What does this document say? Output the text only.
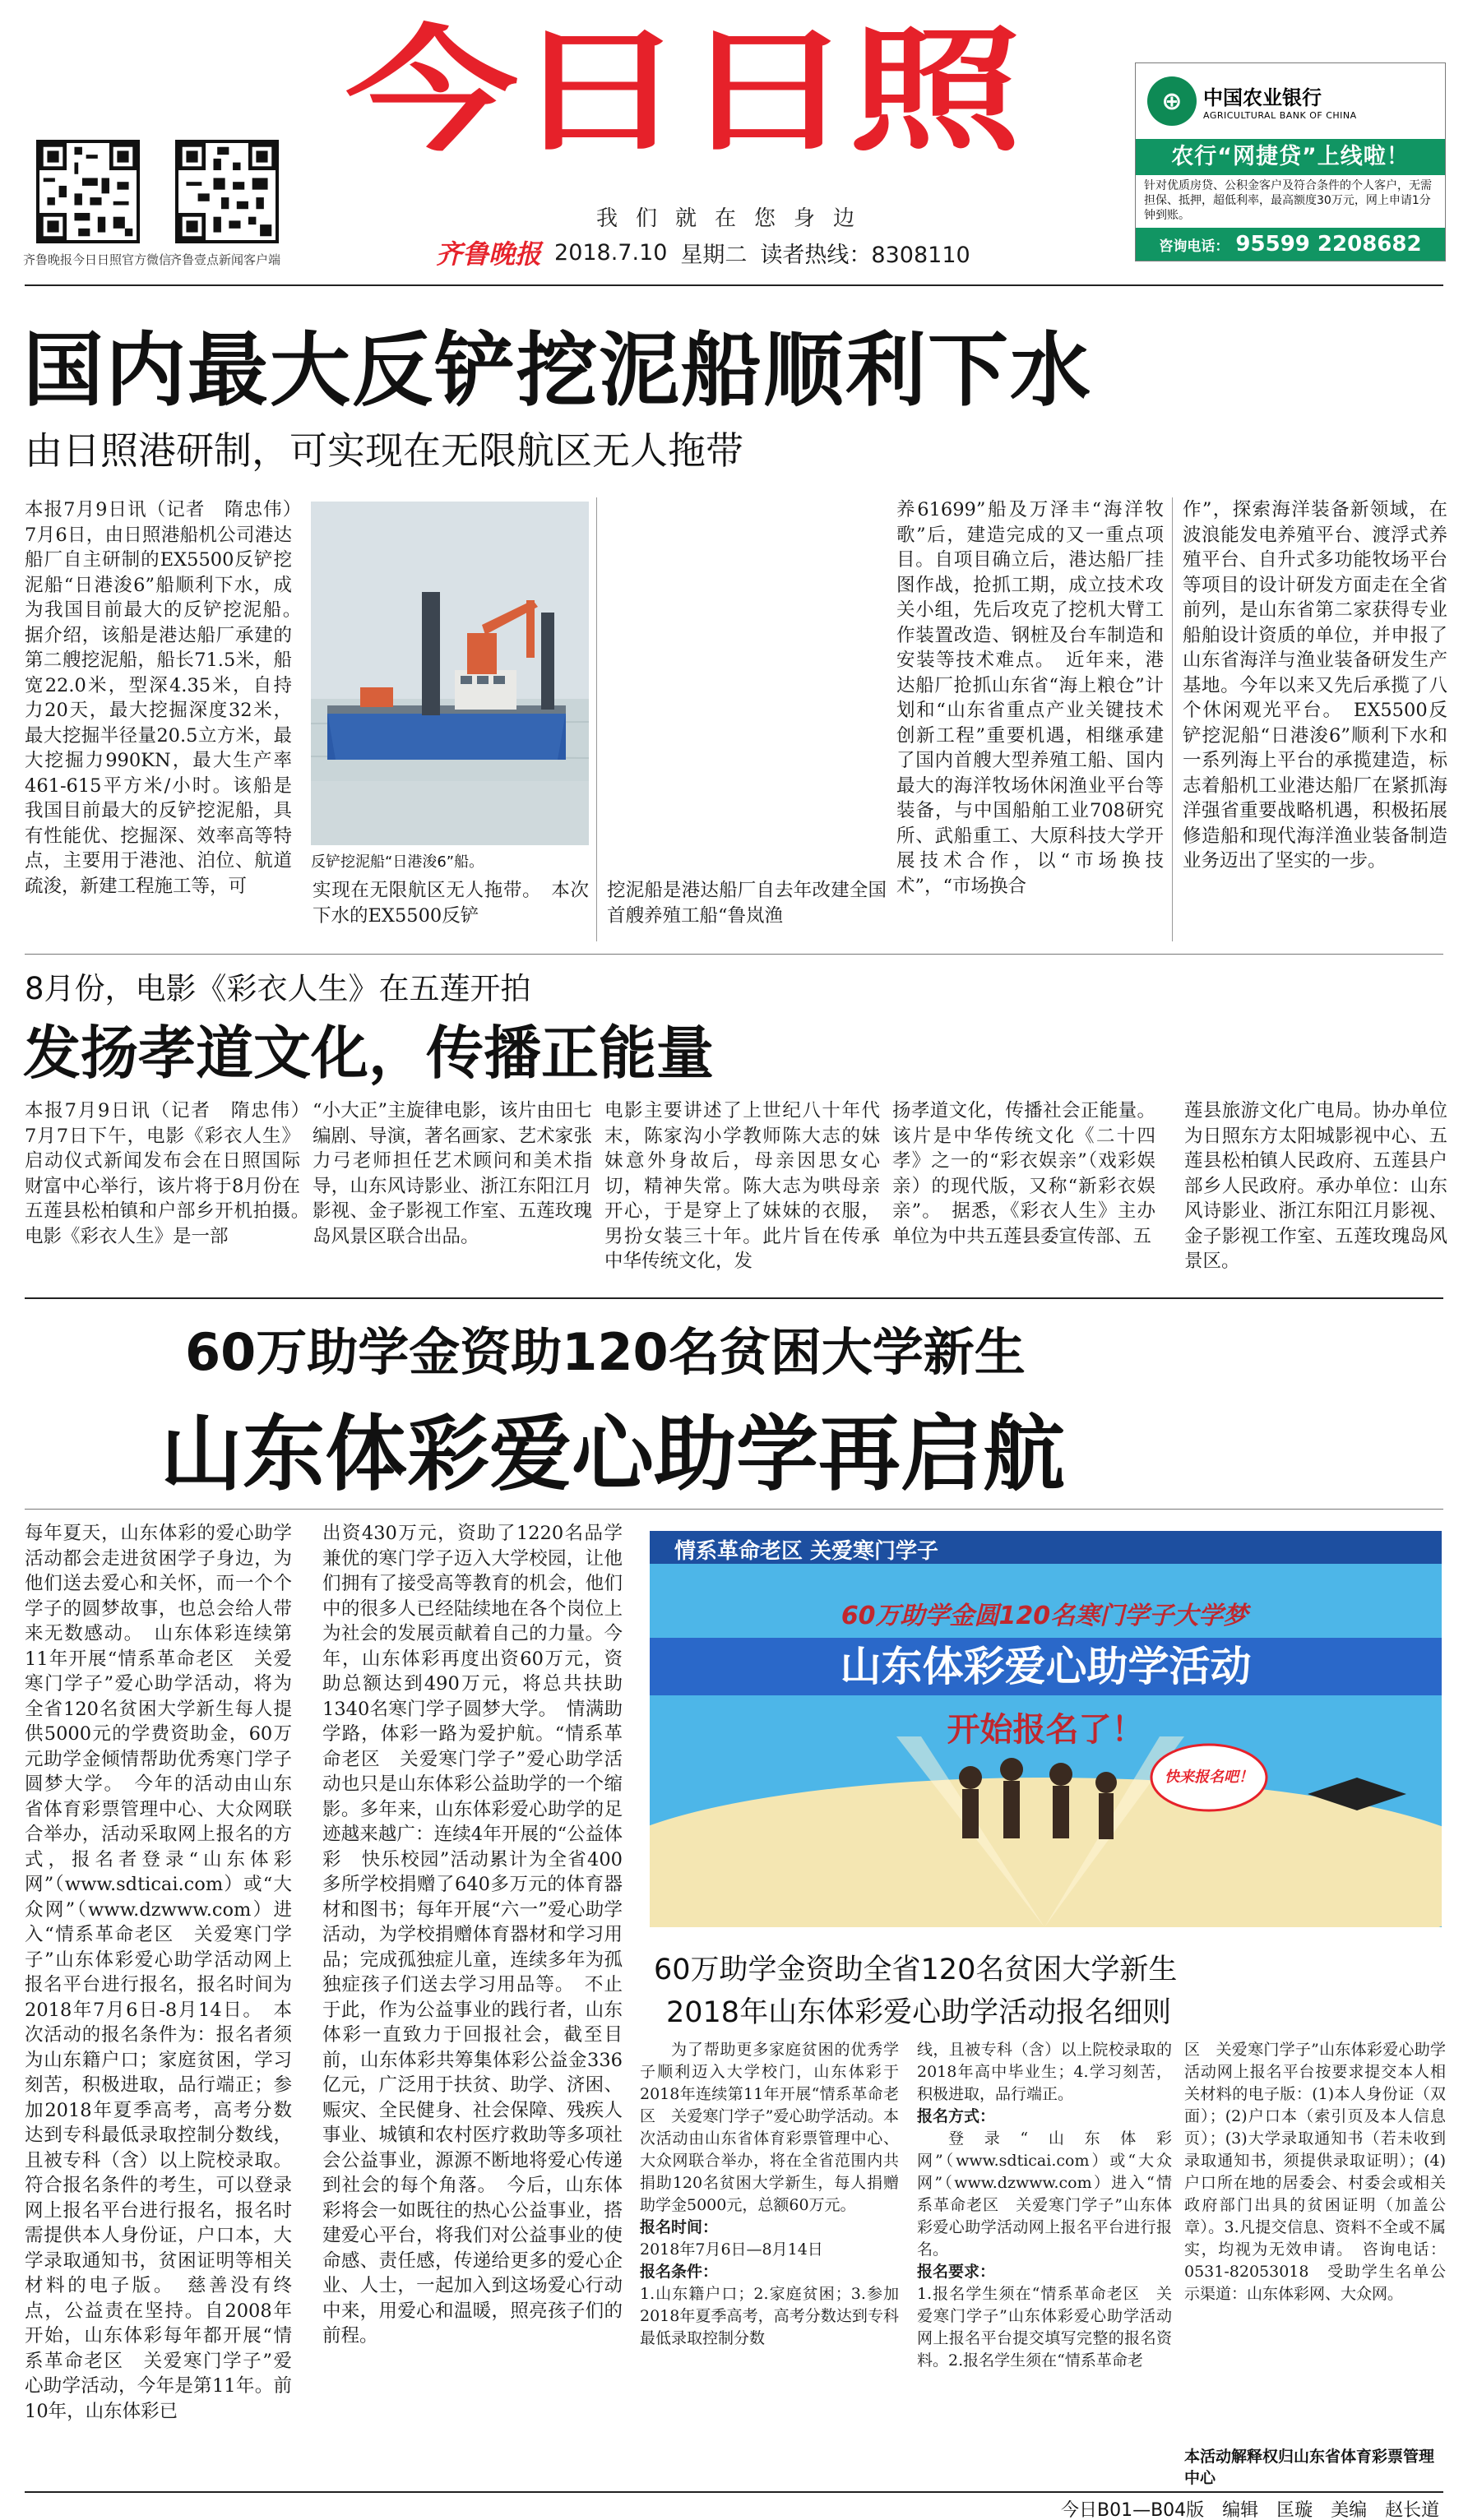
齐鲁晚报今日日照官方微信
齐鲁壹点新闻客户端
今日日照
我们就在您身边
齐鲁晚报 2018.7.10 星期二 读者热线：8308110
⊕	中国农业银行
AGRICULTURAL BANK OF CHINA
农行“网捷贷”上线啦！
针对优质房贷、公积金客户及符合条件的个人客户，无需担保、抵押，超低利率，最高额度30万元，网上申请1分钟到账。
咨询电话： 95599 2208682
国内最大反铲挖泥船顺利下水
由日照港研制，可实现在无限航区无人拖带

本报7月9日讯（记者　隋忠伟）　7月6日，由日照港船机公司港达船厂自主研制的EX5500反铲挖泥船“日港浚6”船顺利下水，成为我国目前最大的反铲挖泥船。　据介绍，该船是港达船厂承建的第二艘挖泥船，船长71.5米，船宽22.0米，型深4.35米，自持力20天，最大挖掘深度32米，最大挖掘半径量20.5立方米，最大挖掘力990KN，最大生产率461-615平方米/小时。该船是我国目前最大的反铲挖泥船，具有性能优、挖掘深、效率高等特点，主要用于港池、泊位、航道疏浚，新建工程施工等，可

反铲挖泥船“日港浚6”船。

实现在无限航区无人拖带。　本次下水的EX5500反铲

挖泥船是港达船厂自去年改建全国首艘养殖工船“鲁岚渔

养61699”船及万泽丰“海洋牧歌”后，建造完成的又一重点项目。自项目确立后，港达船厂挂图作战，抢抓工期，成立技术攻关小组，先后攻克了挖机大臂工作装置改造、钢桩及台车制造和安装等技术难点。　近年来，港达船厂抢抓山东省“海上粮仓”计划和“山东省重点产业关键技术创新工程”重要机遇，相继承建了国内首艘大型养殖工船、国内最大的海洋牧场休闲渔业平台等装备，与中国船舶工业708研究所、武船重工、大原科技大学开展技术合作，以“市场换技术”，“市场换合

作”，探索海洋装备新领域，在波浪能发电养殖平台、渡浮式养殖平台、自升式多功能牧场平台等项目的设计研发方面走在全省前列，是山东省第二家获得专业船舶设计资质的单位，并申报了山东省海洋与渔业装备研发生产基地。今年以来又先后承揽了八个休闲观光平台。　EX5500反铲挖泥船“日港浚6”顺利下水和一系列海上平台的承揽建造，标志着船机工业港达船厂在紧抓海洋强省重要战略机遇，积极拓展修造船和现代海洋渔业装备制造业务迈出了坚实的一步。

8月份，电影《彩衣人生》在五莲开拍
发扬孝道文化，传播正能量

本报7月9日讯（记者　隋忠伟）　7月7日下午，电影《彩衣人生》启动仪式新闻发布会在日照国际财富中心举行，该片将于8月份在五莲县松柏镇和户部乡开机拍摄。　电影《彩衣人生》是一部

“小大正”主旋律电影，该片由田七编剧、导演，著名画家、艺术家张力弓老师担任艺术顾问和美术指导，山东风诗影业、浙江东阳江月影视、金子影视工作室、五莲玫瑰岛风景区联合出品。

电影主要讲述了上世纪八十年代末，陈家沟小学教师陈大志的妹妹意外身故后，母亲因思女心切，精神失常。陈大志为哄母亲开心，于是穿上了妹妹的衣服，男扮女装三十年。此片旨在传承中华传统文化，发

扬孝道文化，传播社会正能量。该片是中华传统文化《二十四孝》之一的“彩衣娱亲”（戏彩娱亲）的现代版，又称“新彩衣娱亲”。　据悉，《彩衣人生》主办单位为中共五莲县委宣传部、五

莲县旅游文化广电局。协办单位为日照东方太阳城影视中心、五莲县松柏镇人民政府、五莲县户部乡人民政府。承办单位：山东风诗影业、浙江东阳江月影视、金子影视工作室、五莲玫瑰岛风景区。

60万助学金资助120名贫困大学新生
山东体彩爱心助学再启航

每年夏天，山东体彩的爱心助学活动都会走进贫困学子身边，为他们送去爱心和关怀，而一个个学子的圆梦故事，也总会给人带来无数感动。　山东体彩连续第11年开展“情系革命老区　关爱寒门学子”爱心助学活动，将为全省120名贫困大学新生每人提供5000元的学费资助金，60万元助学金倾情帮助优秀寒门学子圆梦大学。　今年的活动由山东省体育彩票管理中心、大众网联合举办，活动采取网上报名的方式，报名者登录“山东体彩网”（www.sdticai.com）或“大众网”（www.dzwww.com）进入“情系革命老区　关爱寒门学子”山东体彩爱心助学活动网上报名平台进行报名，报名时间为2018年7月6日-8月14日。　本次活动的报名条件为：报名者须为山东籍户口；家庭贫困，学习刻苦，积极进取，品行端正；参加2018年夏季高考，高考分数达到专科最低录取控制分数线，且被专科（含）以上院校录取。符合报名条件的考生，可以登录网上报名平台进行报名，报名时需提供本人身份证，户口本，大学录取通知书，贫困证明等相关材料的电子版。　慈善没有终点，公益责在坚持。自2008年开始，山东体彩每年都开展“情系革命老区　关爱寒门学子”爱心助学活动，今年是第11年。前10年，山东体彩已

出资430万元，资助了1220名品学兼优的寒门学子迈入大学校园，让他们拥有了接受高等教育的机会，他们中的很多人已经陆续地在各个岗位上为社会的发展贡献着自己的力量。今年，山东体彩再度出资60万元，资助总额达到490万元，将总共扶助1340名寒门学子圆梦大学。　情满助学路，体彩一路为爱护航。“情系革命老区　关爱寒门学子”爱心助学活动也只是山东体彩公益助学的一个缩影。多年来，山东体彩爱心助学的足迹越来越广：连续4年开展的“公益体彩　快乐校园”活动累计为全省400多所学校捐赠了640多万元的体育器材和图书；每年开展“六一”爱心助学活动，为学校捐赠体育器材和学习用品；完成孤独症儿童，连续多年为孤独症孩子们送去学习用品等。　不止于此，作为公益事业的践行者，山东体彩一直致力于回报社会，截至目前，山东体彩共筹集体彩公益金336亿元，广泛用于扶贫、助学、济困、赈灾、全民健身、社会保障、残疾人事业、城镇和农村医疗救助等多项社会公益事业，源源不断地将爱心传递到社会的每个角落。　今后，山东体彩将会一如既往的热心公益事业，搭建爱心平台，将我们对公益事业的使命感、责任感，传递给更多的爱心企业、人士，一起加入到这场爱心行动中来，用爱心和温暖，照亮孩子们的前程。

情系革命老区 关爱寒门学子
60万助学金圆120名寒门学子大学梦
山东体彩爱心助学活动
开始报名了！
快来报名吧！
60万助学金资助全省120名贫困大学新生
2018年山东体彩爱心助学活动报名细则

为了帮助更多家庭贫困的优秀学子顺利迈入大学校门，山东体彩于2018年连续第11年开展“情系革命老区　关爱寒门学子”爱心助学活动。本次活动由山东省体育彩票管理中心、大众网联合举办，将在全省范围内共捐助120名贫困大学新生，每人捐赠助学金5000元，总额60万元。

报名时间：

2018年7月6日—8月14日

报名条件：

1.山东籍户口；2.家庭贫困；3.参加2018年夏季高考，高考分数达到专科最低录取控制分数

线，且被专科（含）以上院校录取的2018年高中毕业生；4.学习刻苦，积极进取，品行端正。

报名方式：

登录“山东体彩网”（www.sdticai.com）或“大众网”（www.dzwww.com）进入“情系革命老区　关爱寒门学子”山东体彩爱心助学活动网上报名平台进行报名。

报名要求：

1.报名学生须在“情系革命老区　关爱寒门学子”山东体彩爱心助学活动网上报名平台提交填写完整的报名资料。2.报名学生须在“情系革命老

区　关爱寒门学子”山东体彩爱心助学活动网上报名平台按要求提交本人相关材料的电子版：(1)本人身份证（双面）；(2)户口本（索引页及本人信息页）；(3)大学录取通知书（若未收到录取通知书，须提供录取证明）；(4)户口所在地的居委会、村委会或相关政府部门出具的贫困证明（加盖公章）。3.凡提交信息、资料不全或不属实，均视为无效申请。　咨询电话：0531-82053018　受助学生名单公示渠道：山东体彩网、大众网。

本活动解释权归山东省体育彩票管理中心
今日B01—B04版　编辑　匡璇　美编　赵长道
